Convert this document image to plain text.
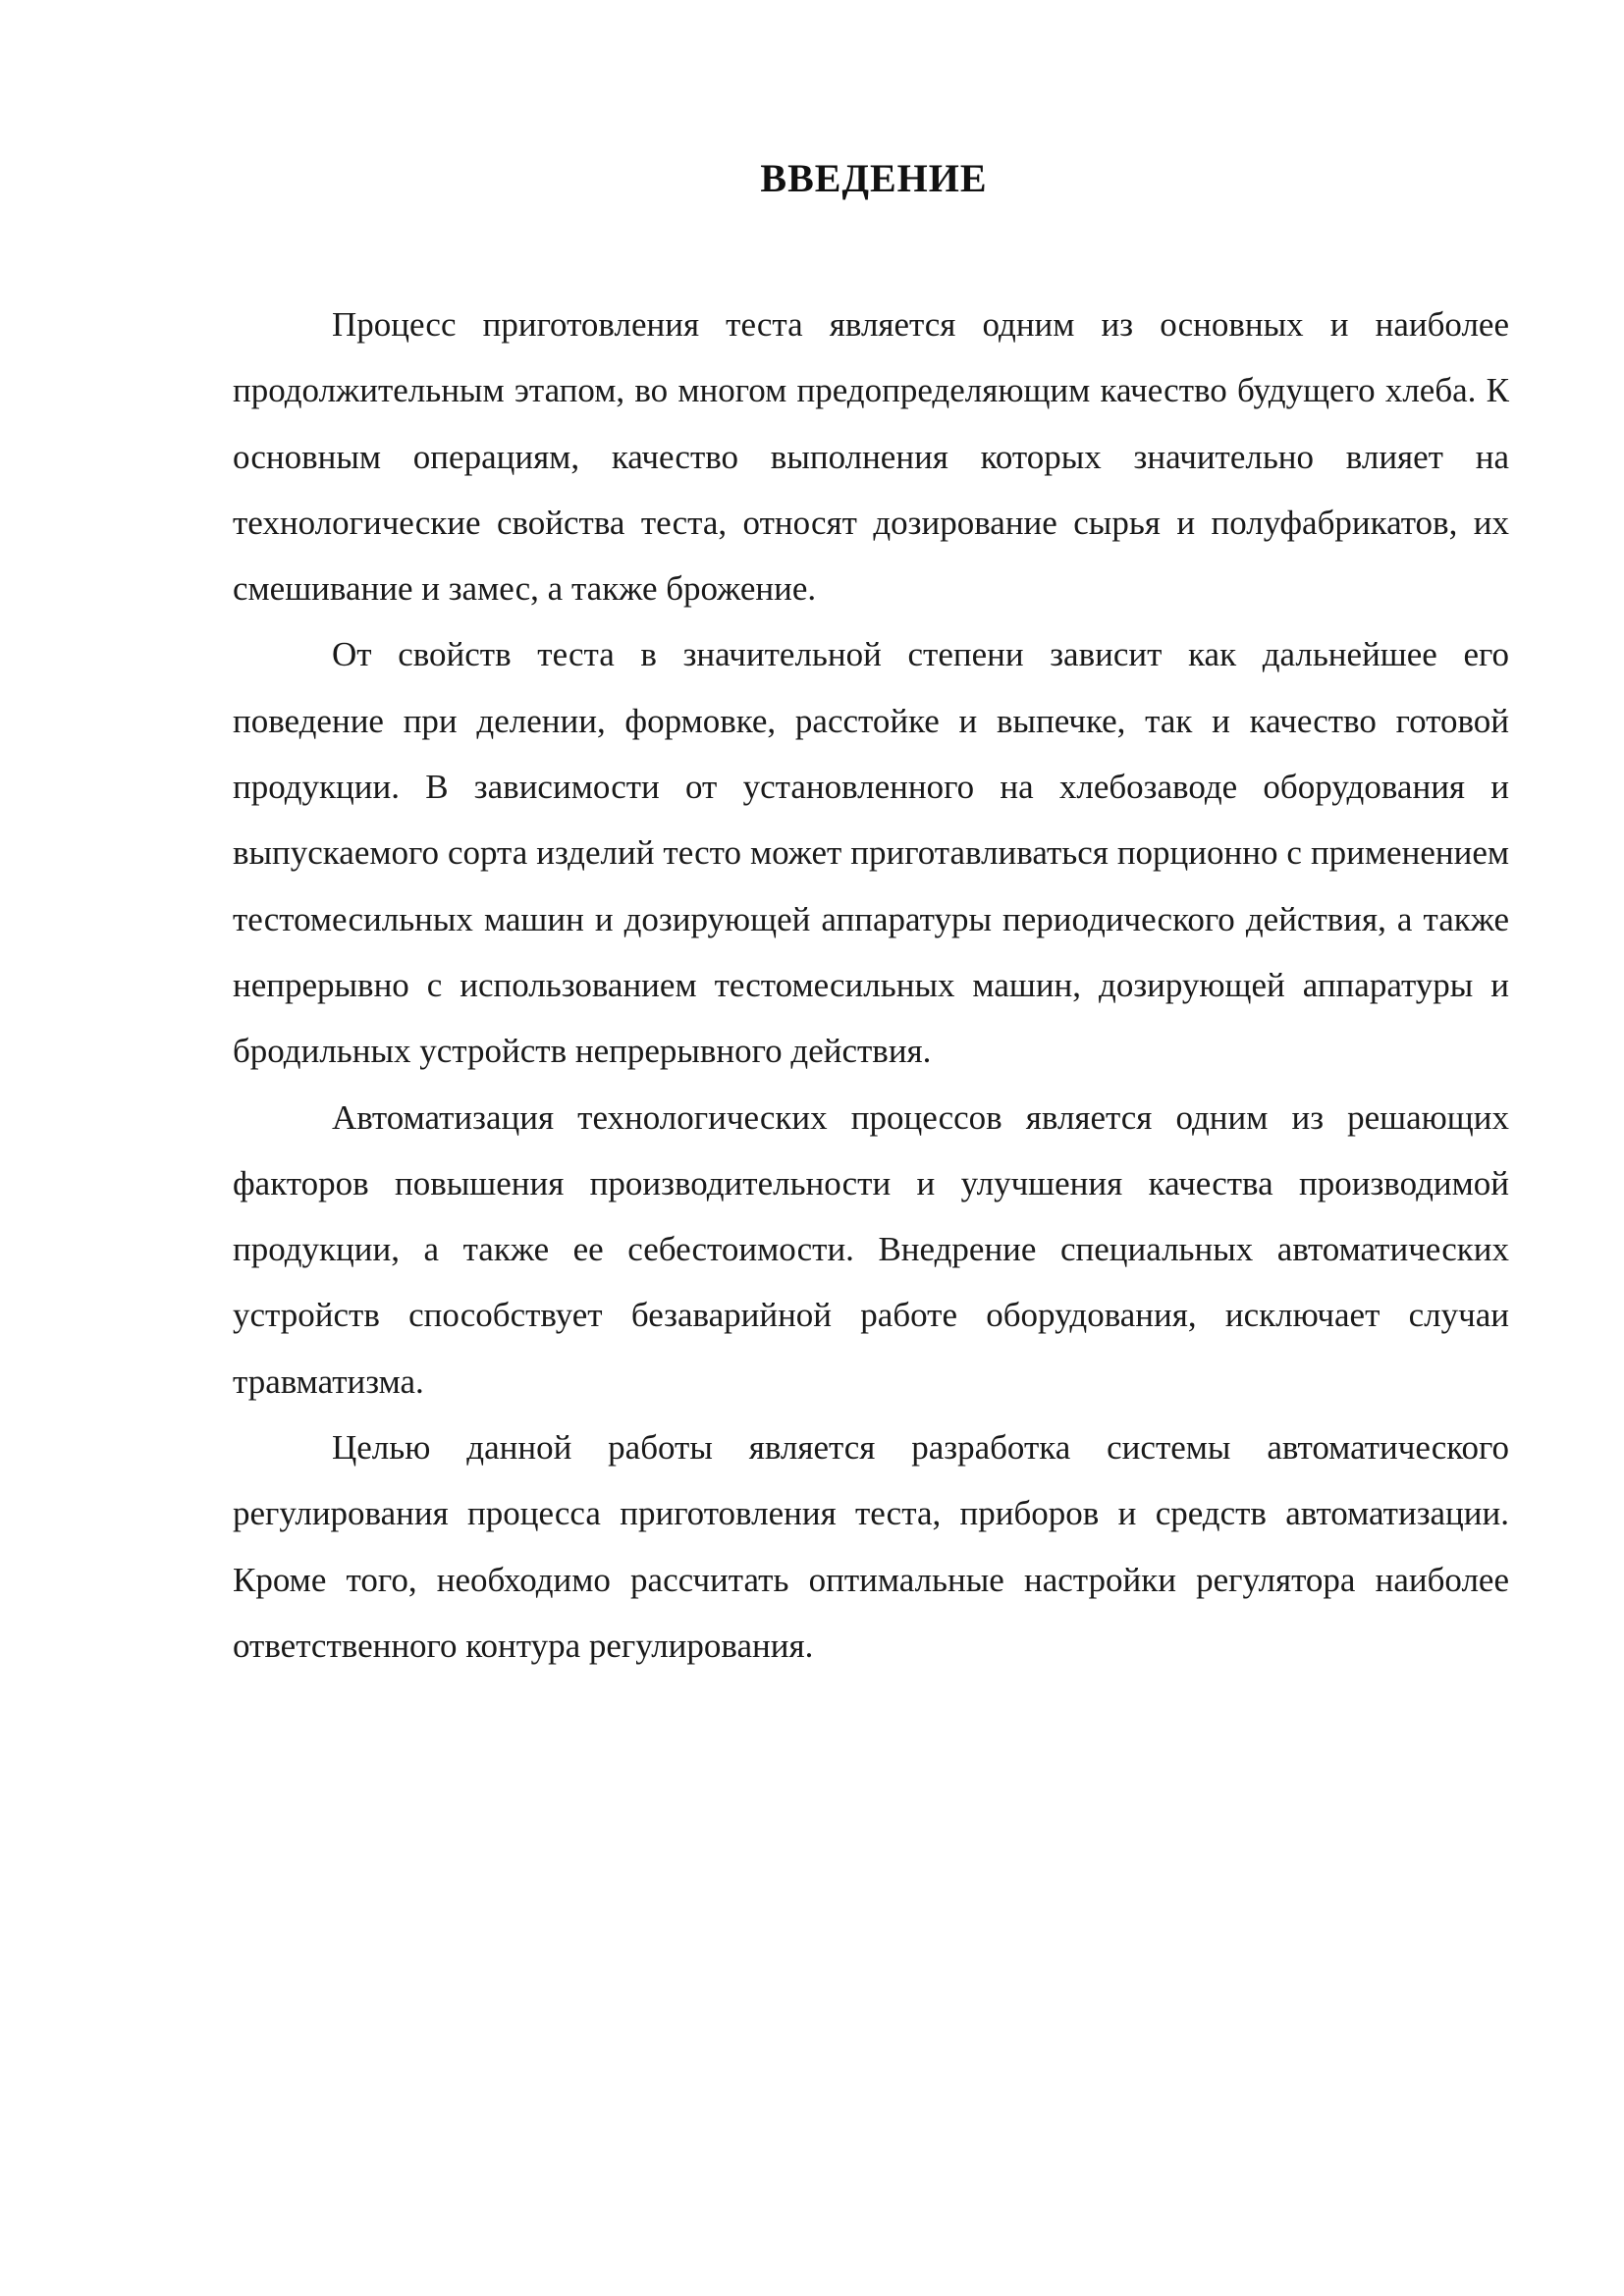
ВВЕДЕНИЕ

Процесс приготовления теста является одним из основных и наиболее продолжительным этапом, во многом предопределяющим качество будущего хлеба. К основным операциям, качество выполнения которых значительно влияет на технологические свойства теста, относят дозирование сырья и полуфабрикатов, их смешивание и замес, а также брожение.

От свойств теста в значительной степени зависит как дальнейшее его поведение при делении, формовке, расстойке и выпечке, так и качество готовой продукции. В зависимости от установленного на хлебозаводе оборудования и выпускаемого сорта изделий тесто может приготавливаться порционно с применением тестомесильных машин и дозирующей аппаратуры периодического действия, а также непрерывно с использованием тестомесильных машин, дозирующей аппаратуры и бродильных устройств непрерывного действия.

Автоматизация технологических процессов является одним из решающих факторов повышения производительности и улучшения качества производимой продукции, а также ее себестоимости. Внедрение специальных автоматических устройств способствует безаварийной работе оборудования, исключает случаи травматизма.

Целью данной работы является разработка системы автоматического регулирования процесса приготовления теста, приборов и средств автоматизации. Кроме того, необходимо рассчитать оптимальные настройки регулятора наиболее ответственного контура регулирования.
